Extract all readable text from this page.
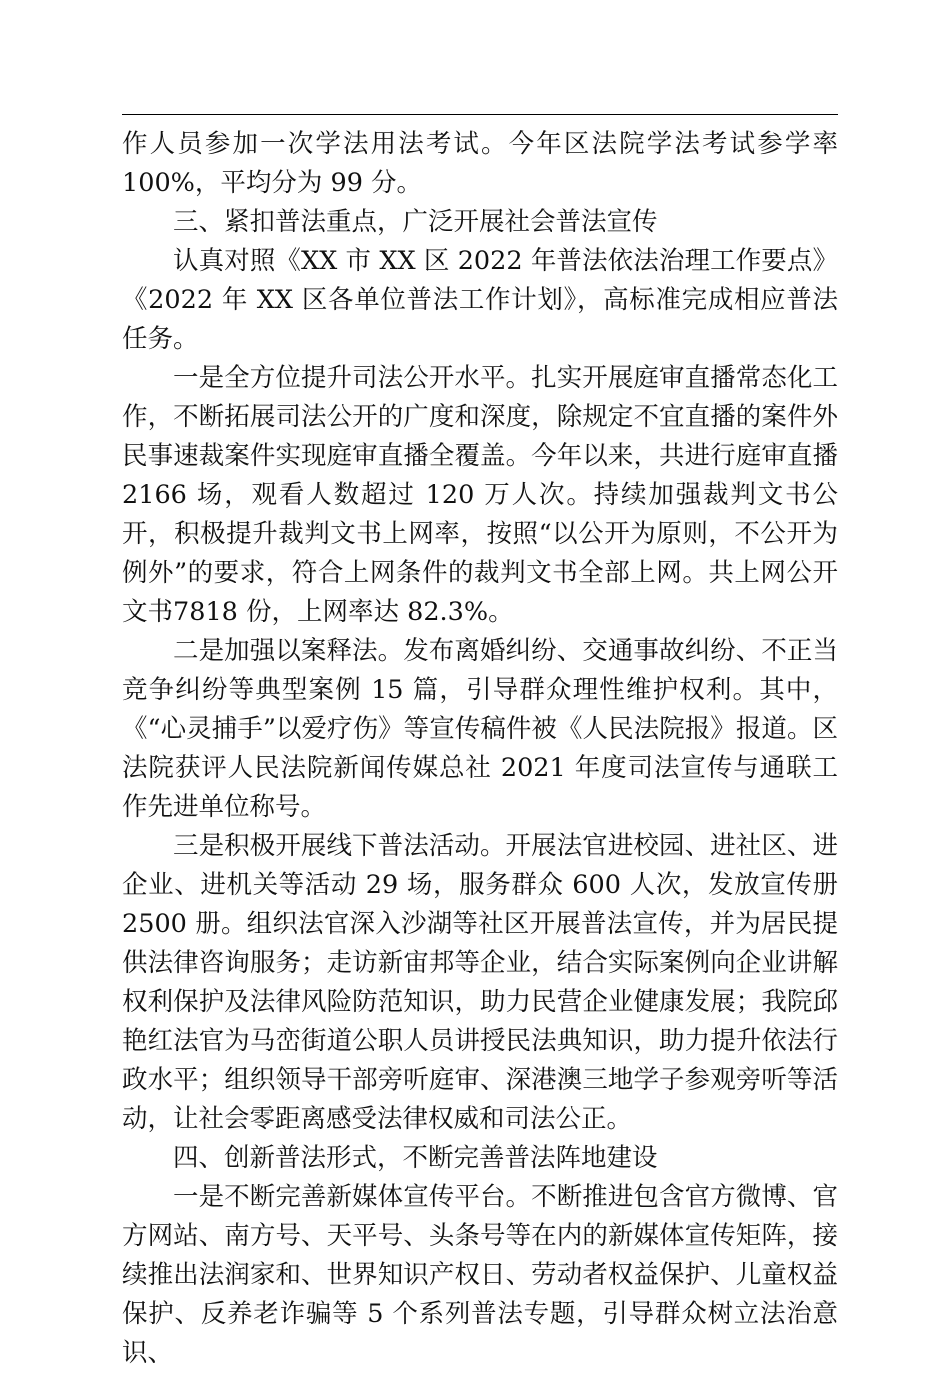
作人员参加一次学法用法考试。今年区法院学法考试参学率100%，平均分为 99 分。

三、紧扣普法重点，广泛开展社会普法宣传

认真对照《XX 市 XX 区 2022 年普法依法治理工作要点》《2022 年 XX 区各单位普法工作计划》，高标准完成相应普法任务。

一是全方位提升司法公开水平。扎实开展庭审直播常态化工作，不断拓展司法公开的广度和深度，除规定不宜直播的案件外民事速裁案件实现庭审直播全覆盖。今年以来，共进行庭审直播2166 场，观看人数超过 120 万人次。持续加强裁判文书公开，积极提升裁判文书上网率，按照“以公开为原则，不公开为例外”的要求，符合上网条件的裁判文书全部上网。共上网公开文书7818 份，上网率达 82.3%。

二是加强以案释法。发布离婚纠纷、交通事故纠纷、不正当竞争纠纷等典型案例 15 篇，引导群众理性维护权利。其中，《“心灵捕手”以爱疗伤》等宣传稿件被《人民法院报》报道。区法院获评人民法院新闻传媒总社 2021 年度司法宣传与通联工作先进单位称号。

三是积极开展线下普法活动。开展法官进校园、进社区、进企业、进机关等活动 29 场，服务群众 600 人次，发放宣传册2500 册。组织法官深入沙湖等社区开展普法宣传，并为居民提供法律咨询服务；走访新宙邦等企业，结合实际案例向企业讲解权利保护及法律风险防范知识，助力民营企业健康发展；我院邱艳红法官为马峦街道公职人员讲授民法典知识，助力提升依法行政水平；组织领导干部旁听庭审、深港澳三地学子参观旁听等活动，让社会零距离感受法律权威和司法公正。

四、创新普法形式，不断完善普法阵地建设

一是不断完善新媒体宣传平台。不断推进包含官方微博、官方网站、南方号、天平号、头条号等在内的新媒体宣传矩阵，接续推出法润家和、世界知识产权日、劳动者权益保护、儿童权益保护、反养老诈骗等 5 个系列普法专题，引导群众树立法治意识、
